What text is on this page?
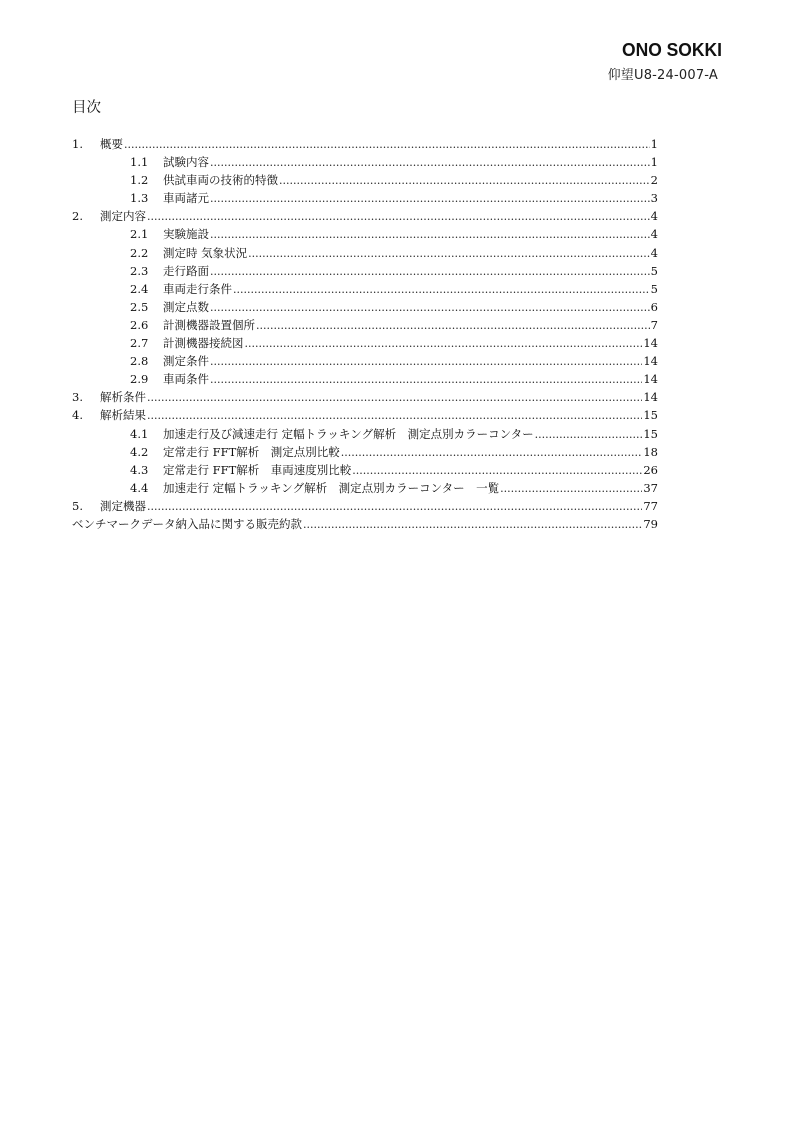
ONO SOKKI
仰望U8-24-007-A
目次
1.	概要 .....	1
1.1	試験内容 .....	1
1.2	供試車両の技術的特徴 .....	2
1.3	車両諸元 .....	3
2.	測定内容 .....	4
2.1	実験施設 .....	4
2.2	測定時 気象状況 .....	4
2.3	走行路面 .....	5
2.4	車両走行条件 .....	5
2.5	測定点数 .....	6
2.6	計測機器設置個所 .....	7
2.7	計測機器接続図 .....	14
2.8	測定条件 .....	14
2.9	車両条件 .....	14
3.	解析条件 .....	14
4.	解析結果 .....	15
4.1	加速走行及び減速走行 定幅トラッキング解析　測定点別カラーコンター .....	15
4.2	定常走行 FFT解析　測定点別比較 .....	18
4.3	定常走行 FFT解析　車両速度別比較 .....	26
4.4	加速走行 定幅トラッキング解析　測定点別カラーコンター　一覧 .....	37
5.	測定機器 .....	77
ベンチマークデータ納入品に関する販売約款 .....	79
